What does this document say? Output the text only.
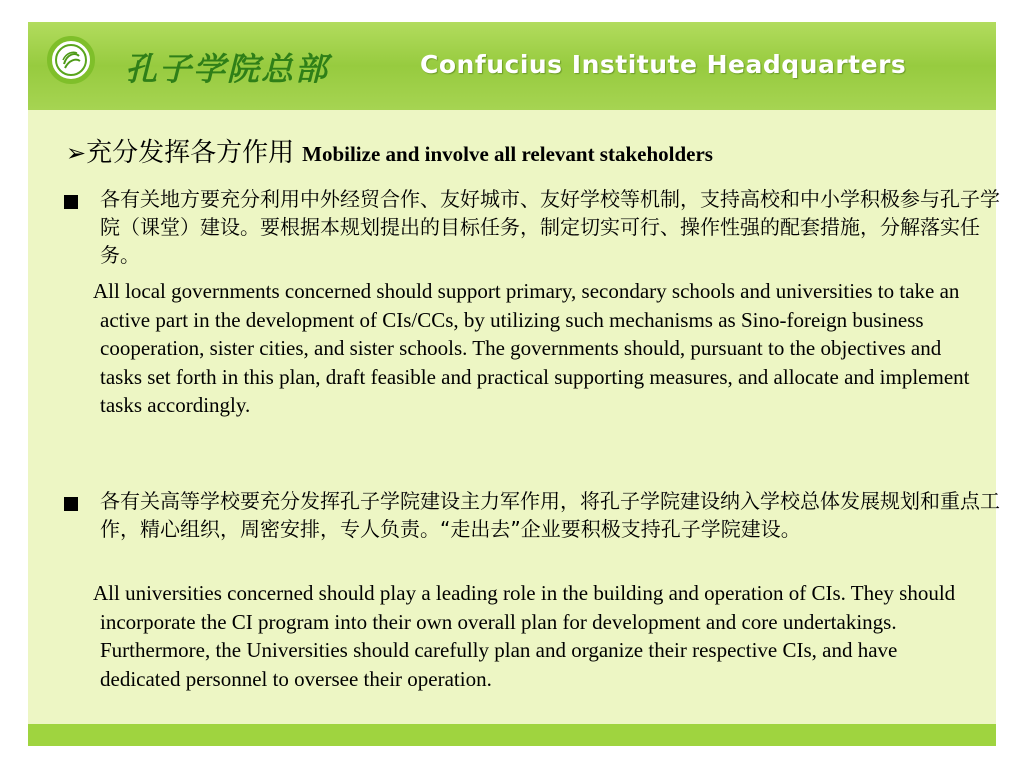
孔子学院总部	Confucius Institute Headquarters
➢充分发挥各方作用 Mobilize and involve all relevant stakeholders
各有关地方要充分利用中外经贸合作、友好城市、友好学校等机制，支持高校和中小学积极参与孔子学院（课堂）建设。要根据本规划提出的目标任务，制定切实可行、操作性强的配套措施，分解落实任务。
All local governments concerned should support primary, secondary schools and universities to take an active part in the development of CIs/CCs, by utilizing such mechanisms as Sino-foreign business cooperation, sister cities, and sister schools. The governments should, pursuant to the objectives and tasks set forth in this plan, draft feasible and practical supporting measures, and allocate and implement tasks accordingly.
各有关高等学校要充分发挥孔子学院建设主力军作用，将孔子学院建设纳入学校总体发展规划和重点工作，精心组织，周密安排，专人负责。“走出去”企业要积极支持孔子学院建设。
All universities concerned should play a leading role in the building and operation of CIs. They should incorporate the CI program into their own overall plan for development and core undertakings. Furthermore, the Universities should carefully plan and organize their respective CIs, and have dedicated personnel to oversee their operation.
